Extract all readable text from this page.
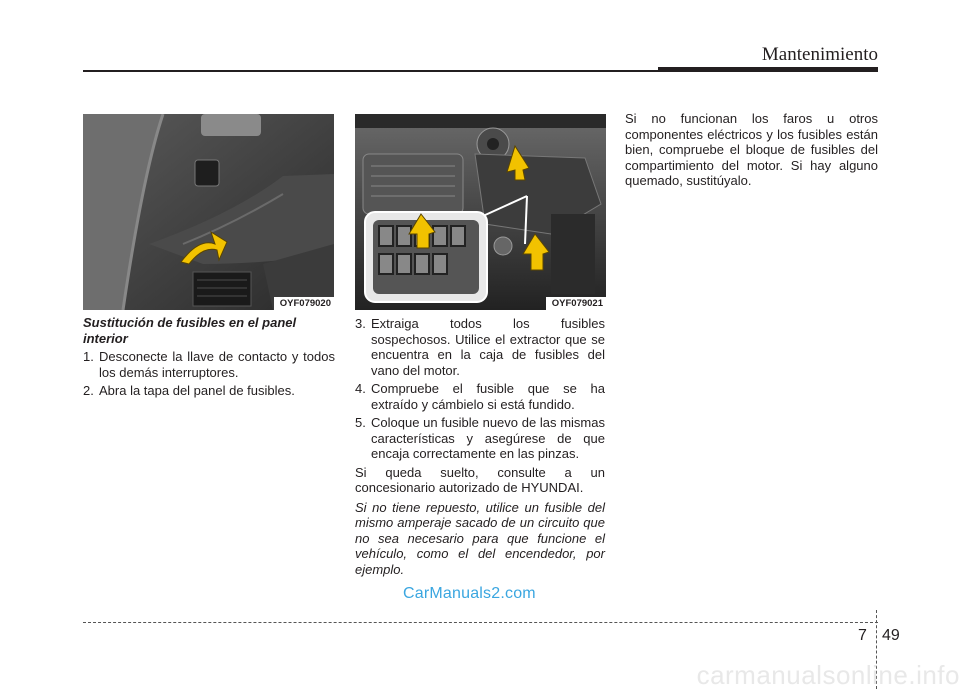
Mantenimiento
OYF079020	OYF079021
Sustitución de fusibles en el panel interior
1. Desconecte la llave de contacto y todos los demás interruptores.
2. Abra la tapa del panel de fusibles.
3. Extraiga todos los fusibles sospechosos. Utilice el extractor que se encuentra en la caja de fusibles del vano del motor.
4. Compruebe el fusible que se ha extraído y cámbielo si está fundido.
5. Coloque un fusible nuevo de las mismas características y asegúrese de que encaja correctamente en las pinzas.
Si queda suelto, consulte a un concesionario autorizado de HYUNDAI.
Si no tiene repuesto, utilice un fusible del mismo amperaje sacado de un circuito que no sea necesario para que funcione el vehículo, como el del encendedor, por ejemplo.
Si no funcionan los faros u otros componentes eléctricos y los fusibles están bien, compruebe el bloque de fusibles del compartimiento del motor. Si hay alguno quemado, sustitúyalo.
CarManuals2.com
7 49
carmanualsonline.info
